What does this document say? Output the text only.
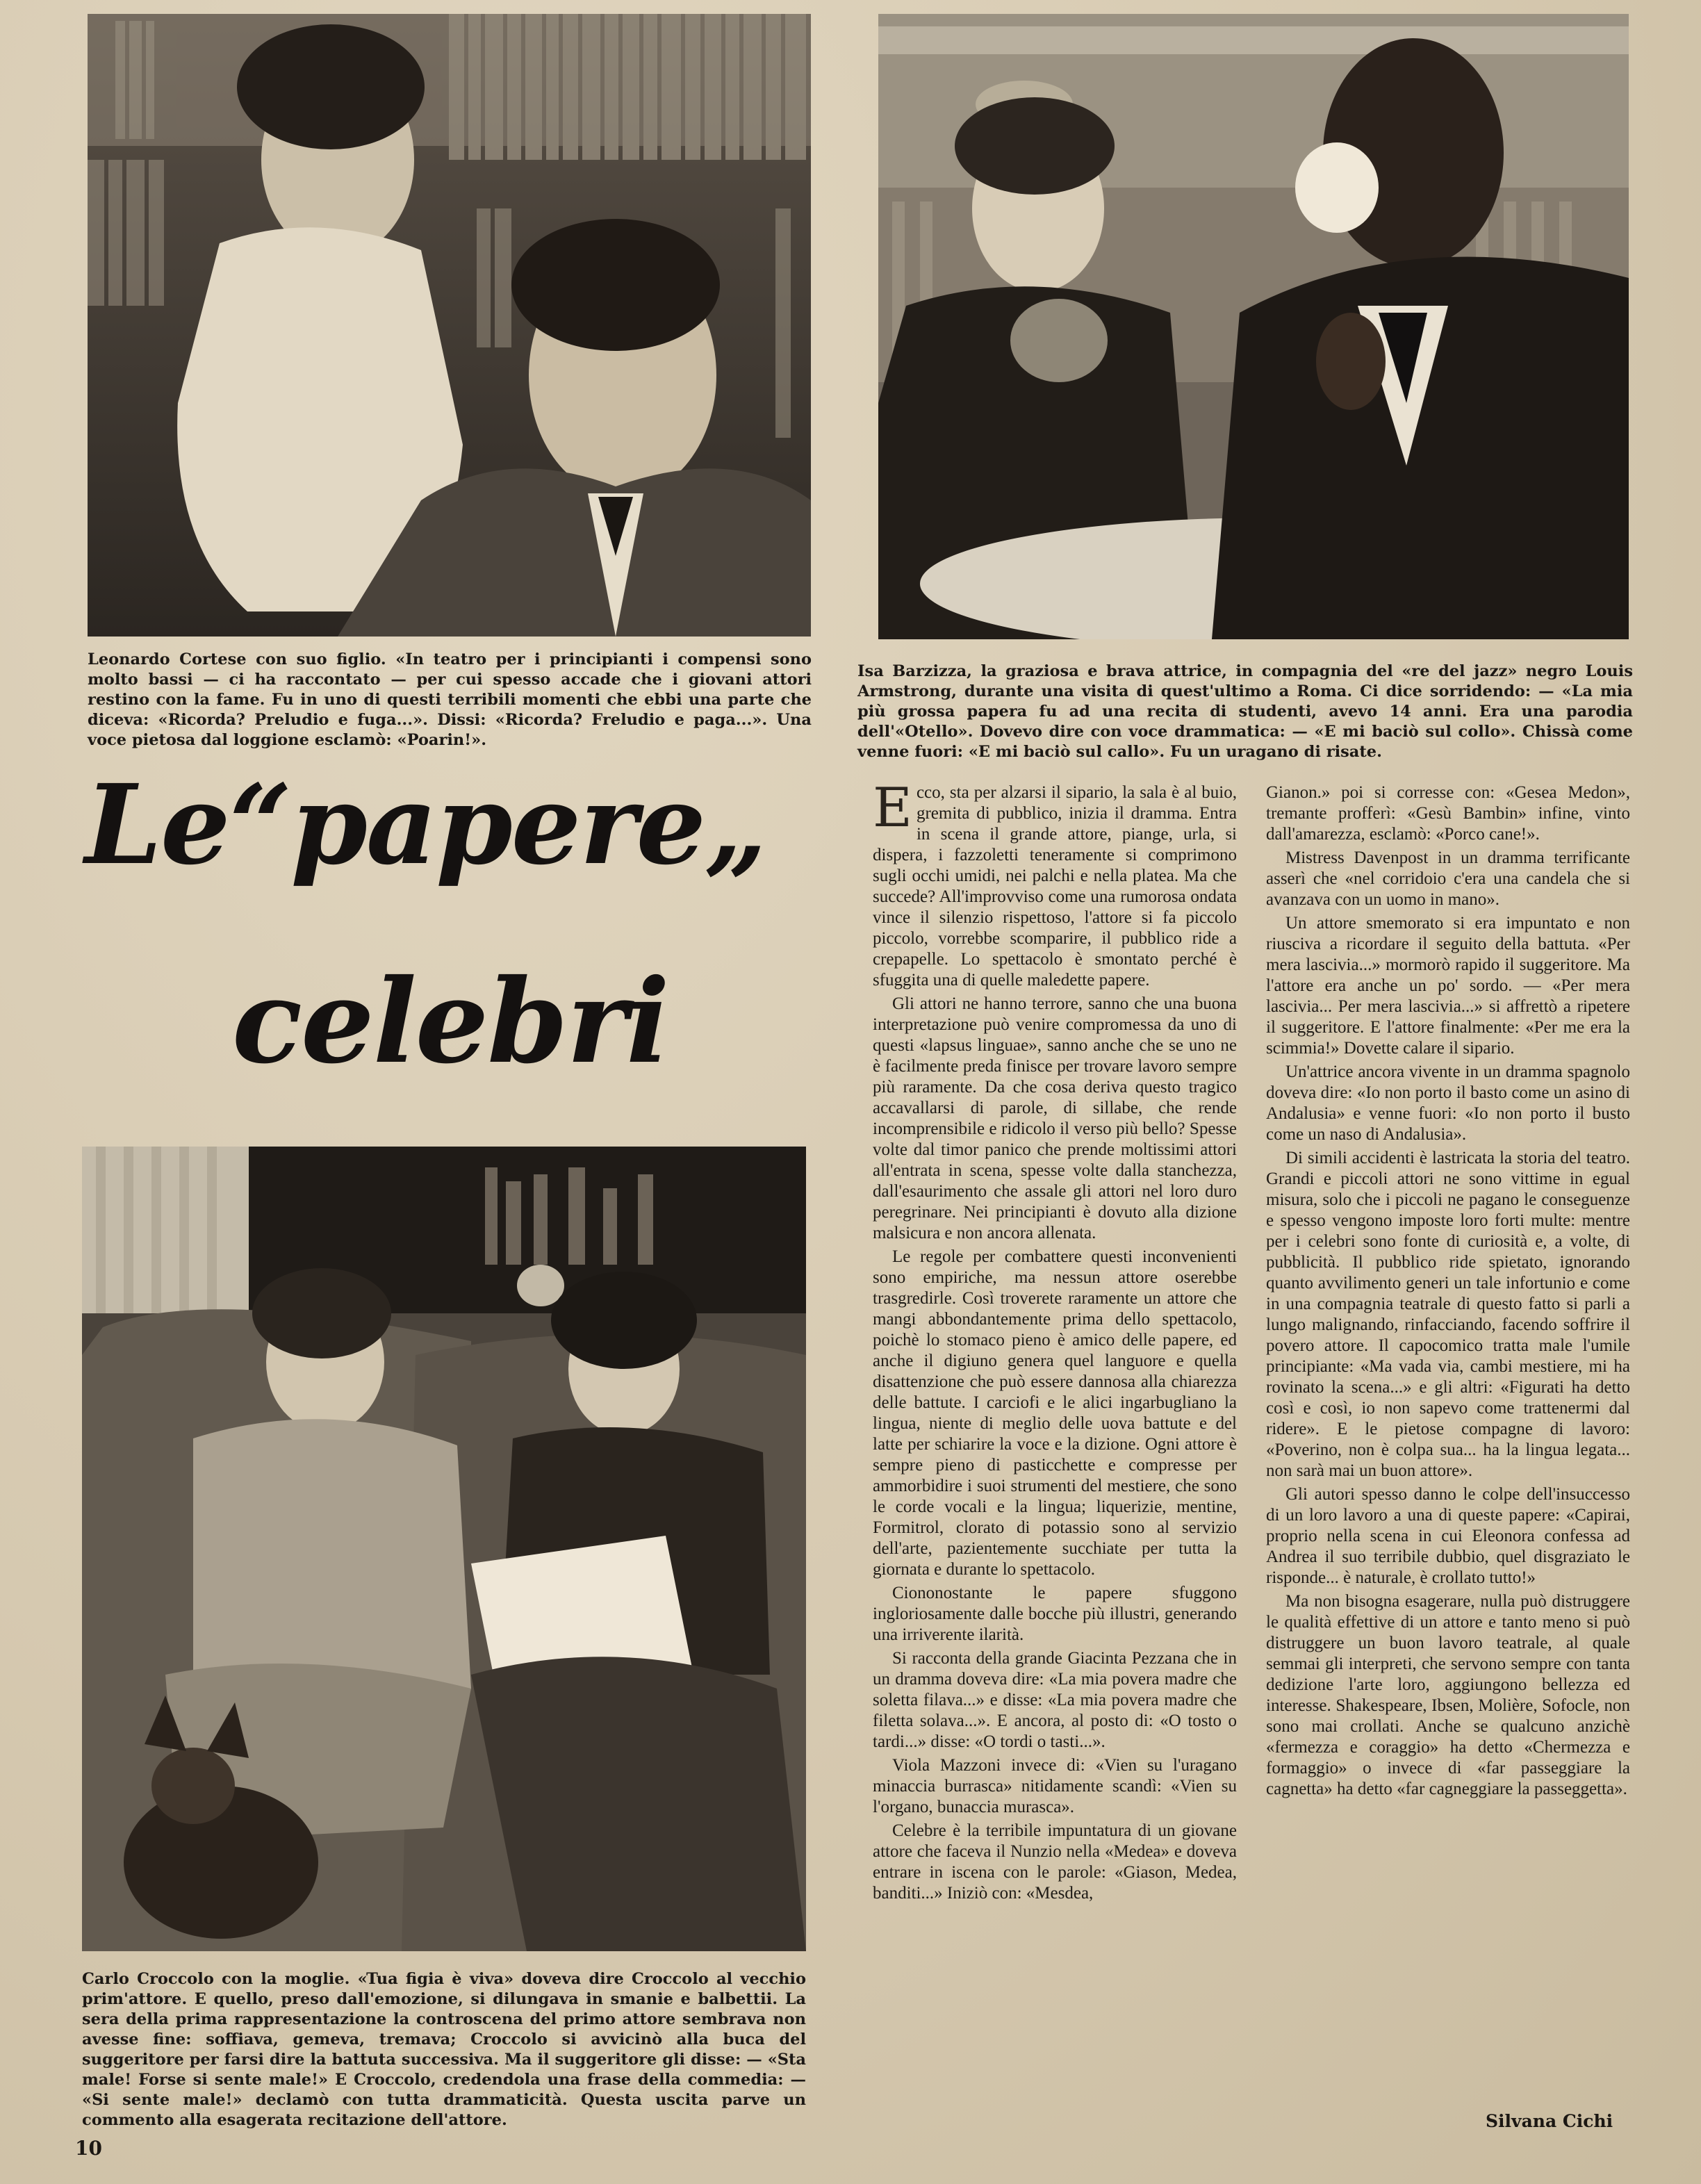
Leonardo Cortese con suo figlio. «In teatro per i principianti i compensi sono molto bassi — ci ha raccontato — per cui spesso accade che i giovani attori restino con la fame. Fu in uno di questi terribili momenti che ebbi una parte che diceva: «Ricorda? Preludio e fuga...». Dissi: «Ricorda? Freludio e paga...». Una voce pietosa dal loggione esclamò: «Poarin!».
Isa Barzizza, la graziosa e brava attrice, in compagnia del «re del jazz» negro Louis Armstrong, durante una visita di quest'ultimo a Roma. Ci dice sorridendo: — «La mia più grossa papera fu ad una recita di studenti, avevo 14 anni. Era una parodia dell'«Otello». Dovevo dire con voce drammatica: — «E mi baciò sul collo». Chissà come venne fuori: «E mi baciò sul callo». Fu un uragano di risate.
Carlo Croccolo con la moglie. «Tua figia è viva» doveva dire Croccolo al vecchio prim'attore. E quello, preso dall'emozione, si dilungava in smanie e balbettii. La sera della prima rappresentazione la controscena del primo attore sembrava non avesse fine: soffiava, gemeva, tremava; Croccolo si avvicinò alla buca del suggeritore per farsi dire la battuta successiva. Ma il suggeritore gli disse: — «Sta male! Forse si sente male!» E Croccolo, credendola una frase della commedia: — «Si sente male!» declamò con tutta drammaticità. Questa uscita parve un commento alla esagerata recitazione dell'attore.
Le“papere„
celebri

Ecco, sta per alzarsi il sipario, la sala è al buio, gremita di pubblico, inizia il dramma. Entra in scena il grande attore, piange, urla, si dispera, i fazzoletti teneramente si comprimono sugli occhi umidi, nei palchi e nella platea. Ma che succede? All'improvviso come una rumorosa ondata vince il silenzio rispettoso, l'attore si fa piccolo piccolo, vorrebbe scomparire, il pubblico ride a crepapelle. Lo spettacolo è smontato perché è sfuggita una di quelle maledette papere.

Gli attori ne hanno terrore, sanno che una buona interpretazione può venire compromessa da uno di questi «lapsus linguae», sanno anche che se uno ne è facilmente preda finisce per trovare lavoro sempre più raramente. Da che cosa deriva questo tragico accavallarsi di parole, di sillabe, che rende incomprensibile e ridicolo il verso più bello? Spesse volte dal timor panico che prende moltissimi attori all'entrata in scena, spesse volte dalla stanchezza, dall'esaurimento che assale gli attori nel loro duro peregrinare. Nei principianti è dovuto alla dizione malsicura e non ancora allenata.

Le regole per combattere questi inconvenienti sono empiriche, ma nessun attore oserebbe trasgredirle. Così troverete raramente un attore che mangi abbondantemente prima dello spettacolo, poichè lo stomaco pieno è amico delle papere, ed anche il digiuno genera quel languore e quella disattenzione che può essere dannosa alla chiarezza delle battute. I carciofi e le alici ingarbugliano la lingua, niente di meglio delle uova battute e del latte per schiarire la voce e la dizione. Ogni attore è sempre pieno di pasticchette e compresse per ammorbidire i suoi strumenti del mestiere, che sono le corde vocali e la lingua; liquerizie, mentine, Formitrol, clorato di potassio sono al servizio dell'arte, pazientemente succhiate per tutta la giornata e durante lo spettacolo.

Ciononostante le papere sfuggono ingloriosamente dalle bocche più illustri, generando una irriverente ilarità.

Si racconta della grande Giacinta Pezzana che in un dramma doveva dire: «La mia povera madre che soletta filava...» e disse: «La mia povera madre che filetta solava...». E ancora, al posto di: «O tosto o tardi...» disse: «O tordi o tasti...».

Viola Mazzoni invece di: «Vien su l'uragano minaccia burrasca» nitidamente scandì: «Vien su l'organo, bunaccia murasca».

Celebre è la terribile impuntatura di un giovane attore che faceva il Nunzio nella «Medea» e doveva entrare in iscena con le parole: «Giason, Medea, banditi...» Iniziò con: «Mesdea,

Gianon.» poi si corresse con: «Gesea Medon», tremante profferì: «Gesù Bambin» infine, vinto dall'amarezza, esclamò: «Porco cane!».

Mistress Davenpost in un dramma terrificante asserì che «nel corridoio c'era una candela che si avanzava con un uomo in mano».

Un attore smemorato si era impuntato e non riusciva a ricordare il seguito della battuta. «Per mera lascivia...» mormorò rapido il suggeritore. Ma l'attore era anche un po' sordo. — «Per mera lascivia... Per mera lascivia...» si affrettò a ripetere il suggeritore. E l'attore finalmente: «Per me era la scimmia!» Dovette calare il sipario.

Un'attrice ancora vivente in un dramma spagnolo doveva dire: «Io non porto il basto come un asino di Andalusia» e venne fuori: «Io non porto il busto come un naso di Andalusia».

Di simili accidenti è lastricata la storia del teatro. Grandi e piccoli attori ne sono vittime in egual misura, solo che i piccoli ne pagano le conseguenze e spesso vengono imposte loro forti multe: mentre per i celebri sono fonte di curiosità e, a volte, di pubblicità. Il pubblico ride spietato, ignorando quanto avvilimento generi un tale infortunio e come in una compagnia teatrale di questo fatto si parli a lungo malignando, rinfacciando, facendo soffrire il povero attore. Il capocomico tratta male l'umile principiante: «Ma vada via, cambi mestiere, mi ha rovinato la scena...» e gli altri: «Figurati ha detto così e così, io non sapevo come trattenermi dal ridere». E le pietose compagne di lavoro: «Poverino, non è colpa sua... ha la lingua legata... non sarà mai un buon attore».

Gli autori spesso danno le colpe dell'insuccesso di un loro lavoro a una di queste papere: «Capirai, proprio nella scena in cui Eleonora confessa ad Andrea il suo terribile dubbio, quel disgraziato le risponde... è naturale, è crollato tutto!»

Ma non bisogna esagerare, nulla può distruggere le qualità effettive di un attore e tanto meno si può distruggere un buon lavoro teatrale, al quale semmai gli interpreti, che servono sempre con tanta dedizione l'arte loro, aggiungono bellezza ed interesse. Shakespeare, Ibsen, Molière, Sofocle, non sono mai crollati. Anche se qualcuno anzichè «fermezza e coraggio» ha detto «Chermezza e formaggio» o invece di «far passeggiare la cagnetta» ha detto «far cagneggiare la passeggetta».

Silvana Cichi
10
